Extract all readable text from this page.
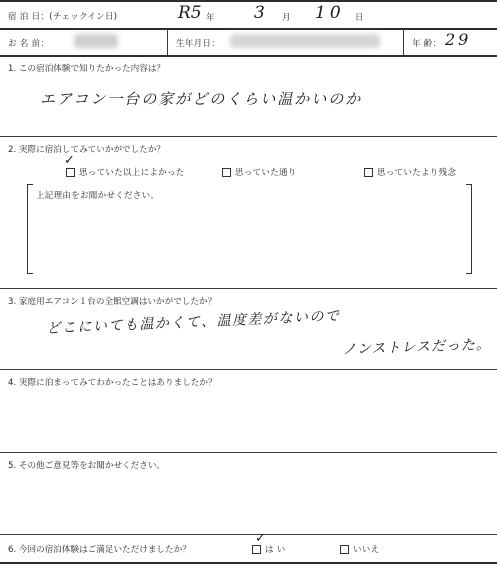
宿 泊 日：(チェックイン日)	R5 年 3 月 10 日
お 名 前：	生年月日：	年 齢： 29
1. この宿泊体験で知りたかった内容は？
エアコン一台の家がどのくらい温かいのか
2. 実際に宿泊してみていかがでしたか？
✓
思っていた以上によかった	思っていた通り	思っていたより残念
上記理由をお聞かせください。
3. 家庭用エアコン１台の全館空調はいかがでしたか？
どこにいても温かくて、温度差がないので
ノンストレスだった。
4. 実際に泊まってみてわかったことはありましたか？
5. その他ご意見等をお聞かせください。
6. 今回の宿泊体験はご満足いただけましたか？
✓
は い	いいえ
